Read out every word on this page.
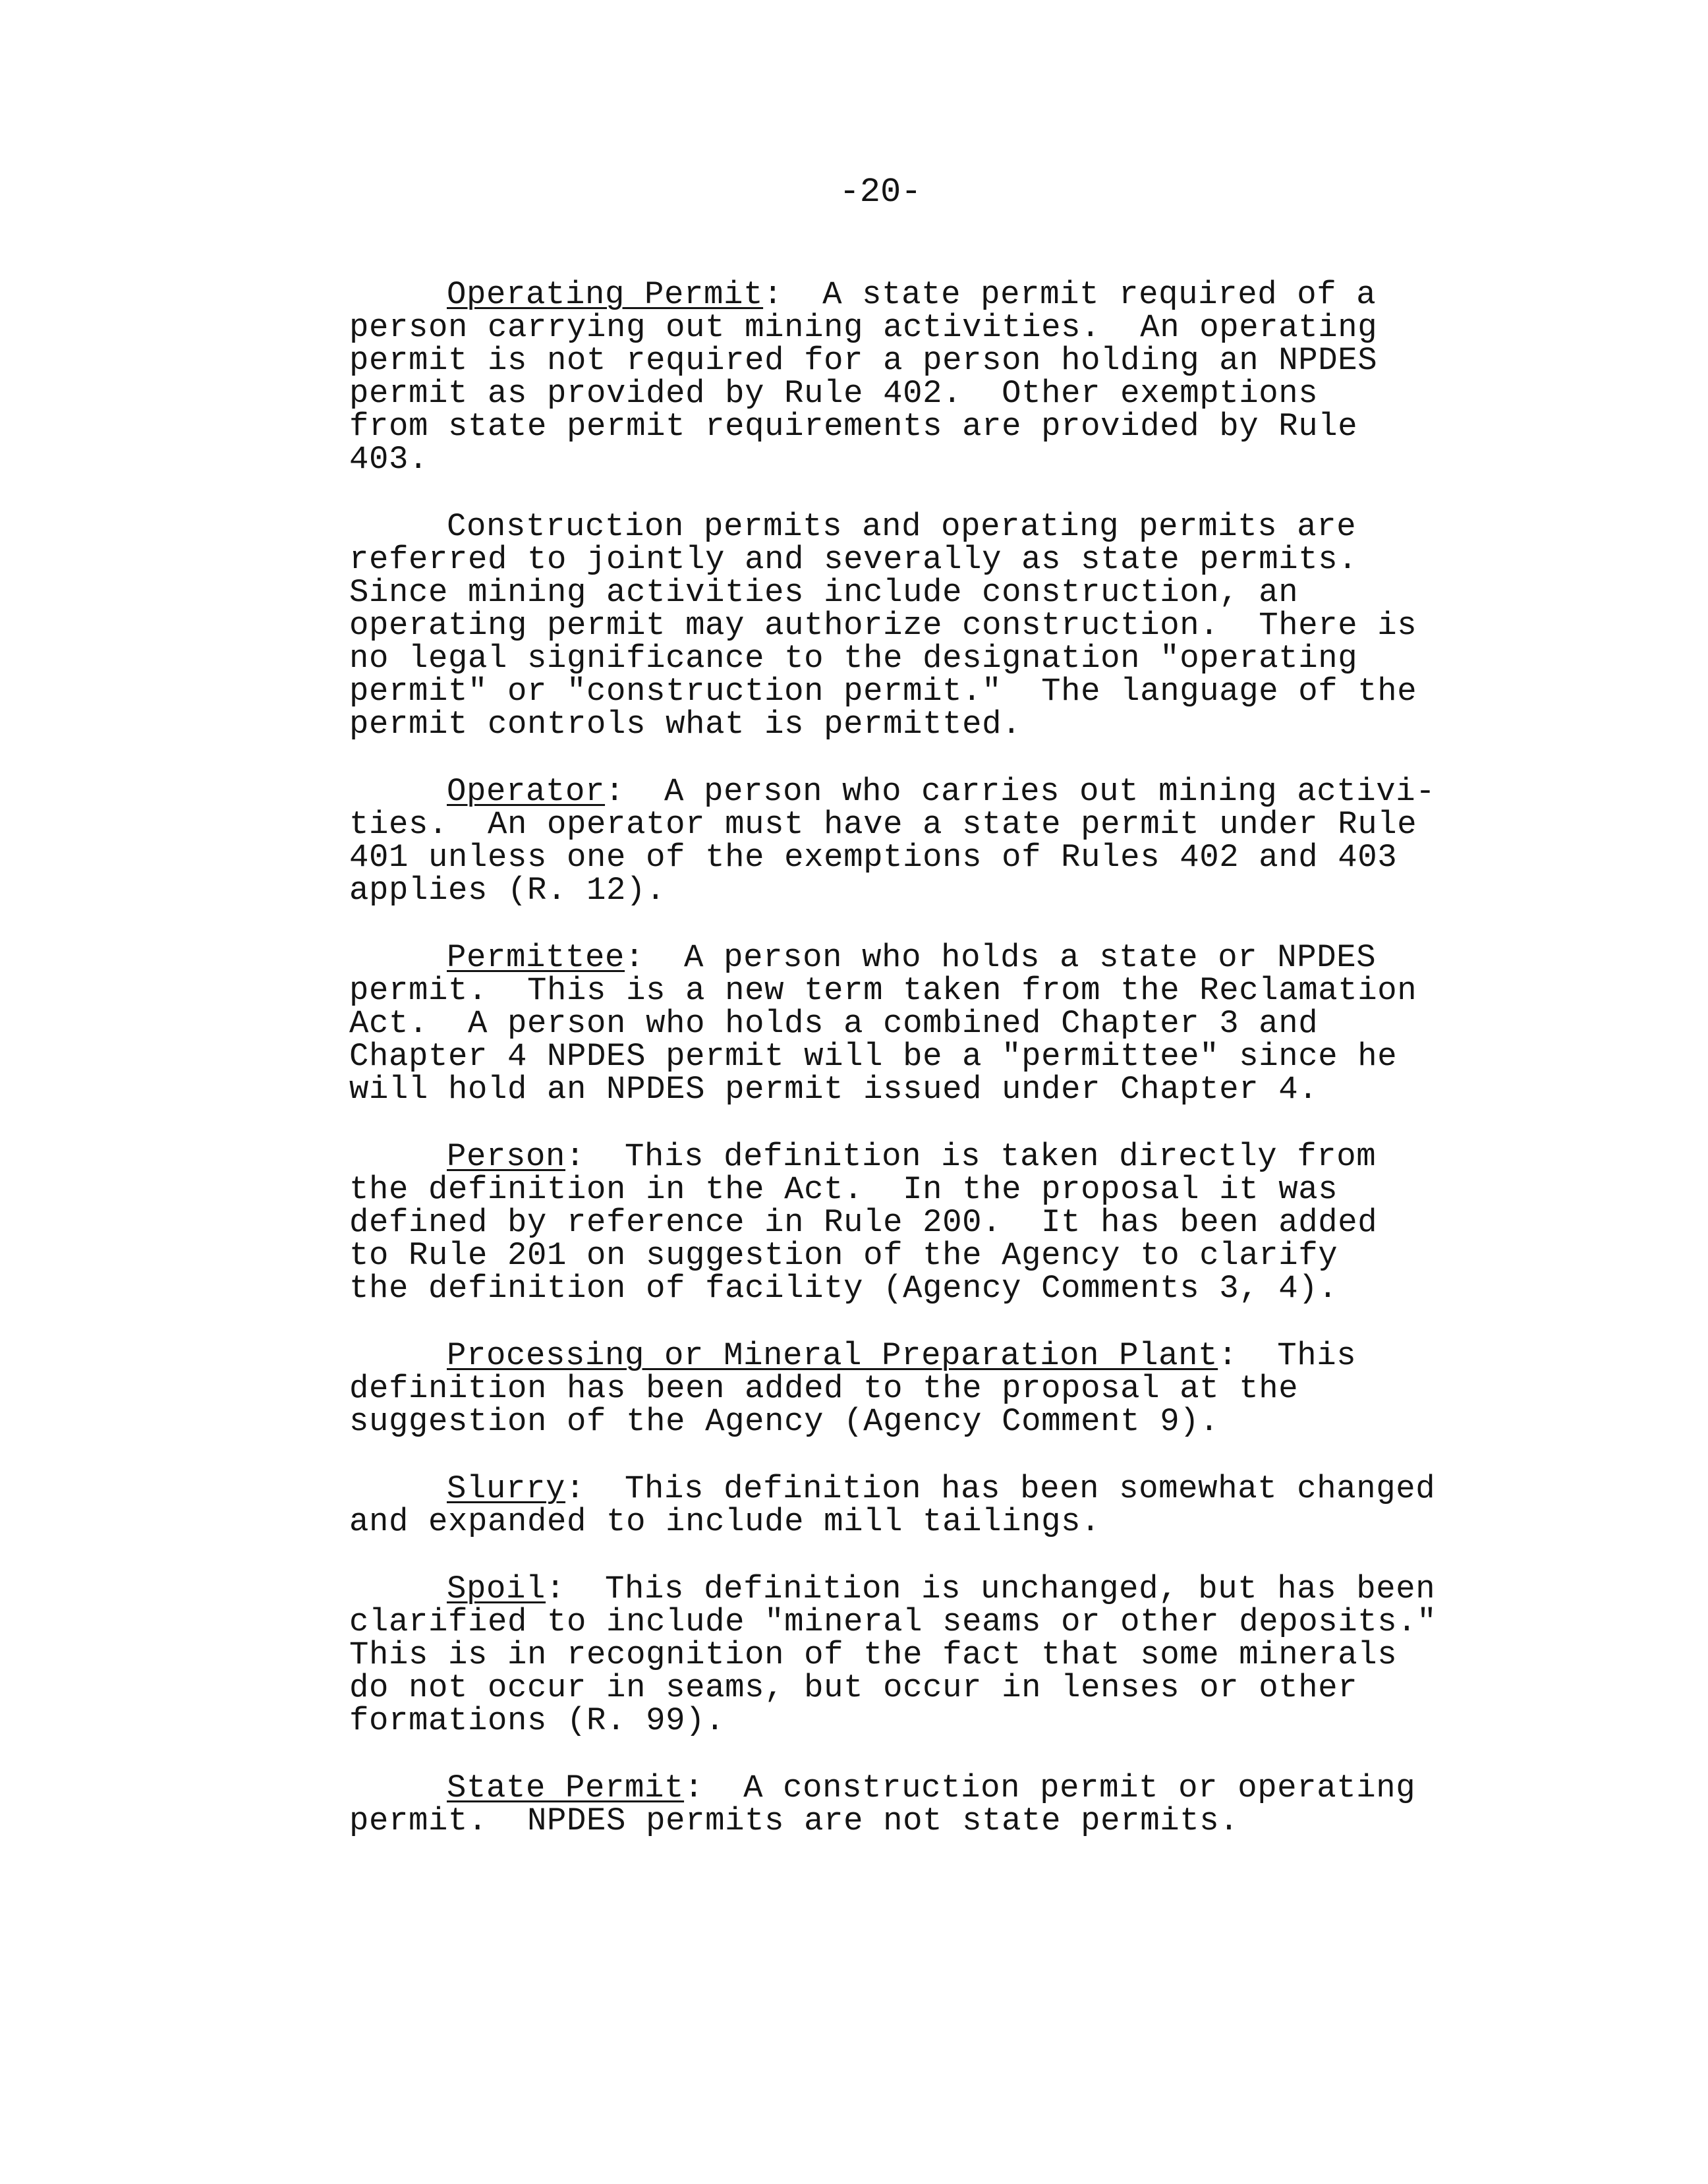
-20-

Operating Permit:  A state permit required of a
person carrying out mining activities.  An operating
permit is not required for a person holding an NPDES
permit as provided by Rule 402.  Other exemptions
from state permit requirements are provided by Rule
403.

Construction permits and operating permits are
referred to jointly and severally as state permits.
Since mining activities include construction, an
operating permit may authorize construction.  There is
no legal significance to the designation "operating
permit" or "construction permit."  The language of the
permit controls what is permitted.

Operator:  A person who carries out mining activi-
ties.  An operator must have a state permit under Rule
401 unless one of the exemptions of Rules 402 and 403
applies (R. 12).

Permittee:  A person who holds a state or NPDES
permit.  This is a new term taken from the Reclamation
Act.  A person who holds a combined Chapter 3 and
Chapter 4 NPDES permit will be a "permittee" since he
will hold an NPDES permit issued under Chapter 4.

Person:  This definition is taken directly from
the definition in the Act.  In the proposal it was
defined by reference in Rule 200.  It has been added
to Rule 201 on suggestion of the Agency to clarify
the definition of facility (Agency Comments 3, 4).

Processing or Mineral Preparation Plant:  This
definition has been added to the proposal at the
suggestion of the Agency (Agency Comment 9).

Slurry:  This definition has been somewhat changed
and expanded to include mill tailings.

Spoil:  This definition is unchanged, but has been
clarified to include "mineral seams or other deposits."
This is in recognition of the fact that some minerals
do not occur in seams, but occur in lenses or other
formations (R. 99).

State Permit:  A construction permit or operating
permit.  NPDES permits are not state permits.
